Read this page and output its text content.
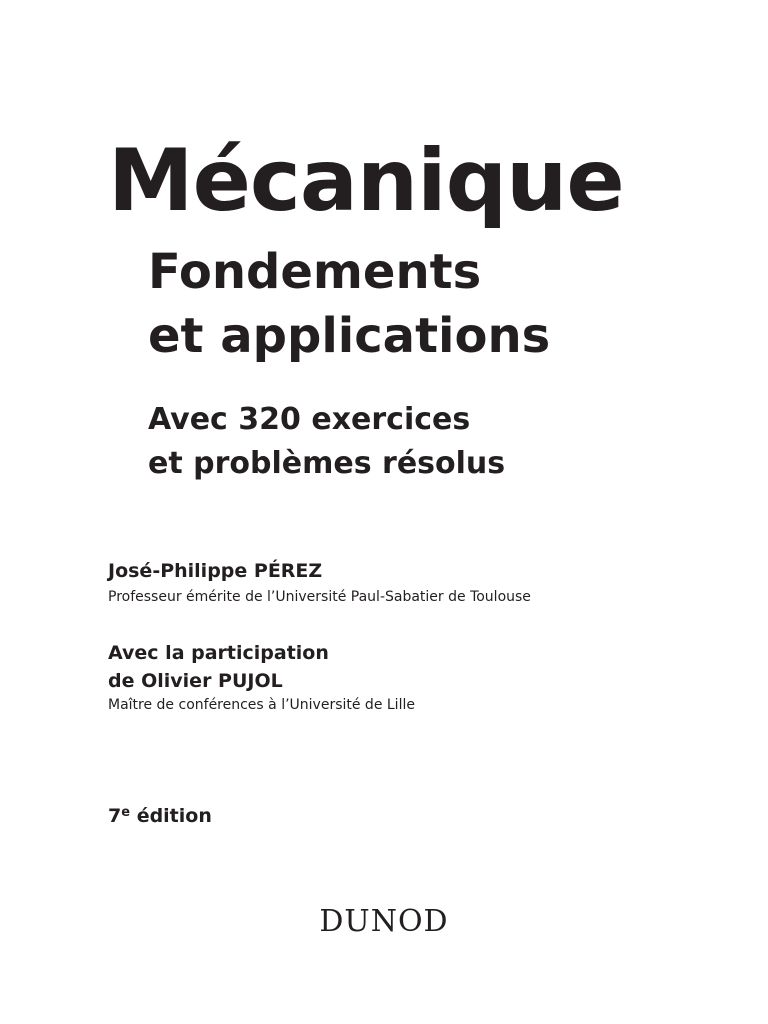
Mécanique
Fondements
et applications
Avec 320 exercices
et problèmes résolus
José-Philippe PÉREZ
Professeur émérite de l’Université Paul-Sabatier de Toulouse
Avec la participation
de Olivier PUJOL
Maître de conférences à l’Université de Lille
7e édition
DUNOD
